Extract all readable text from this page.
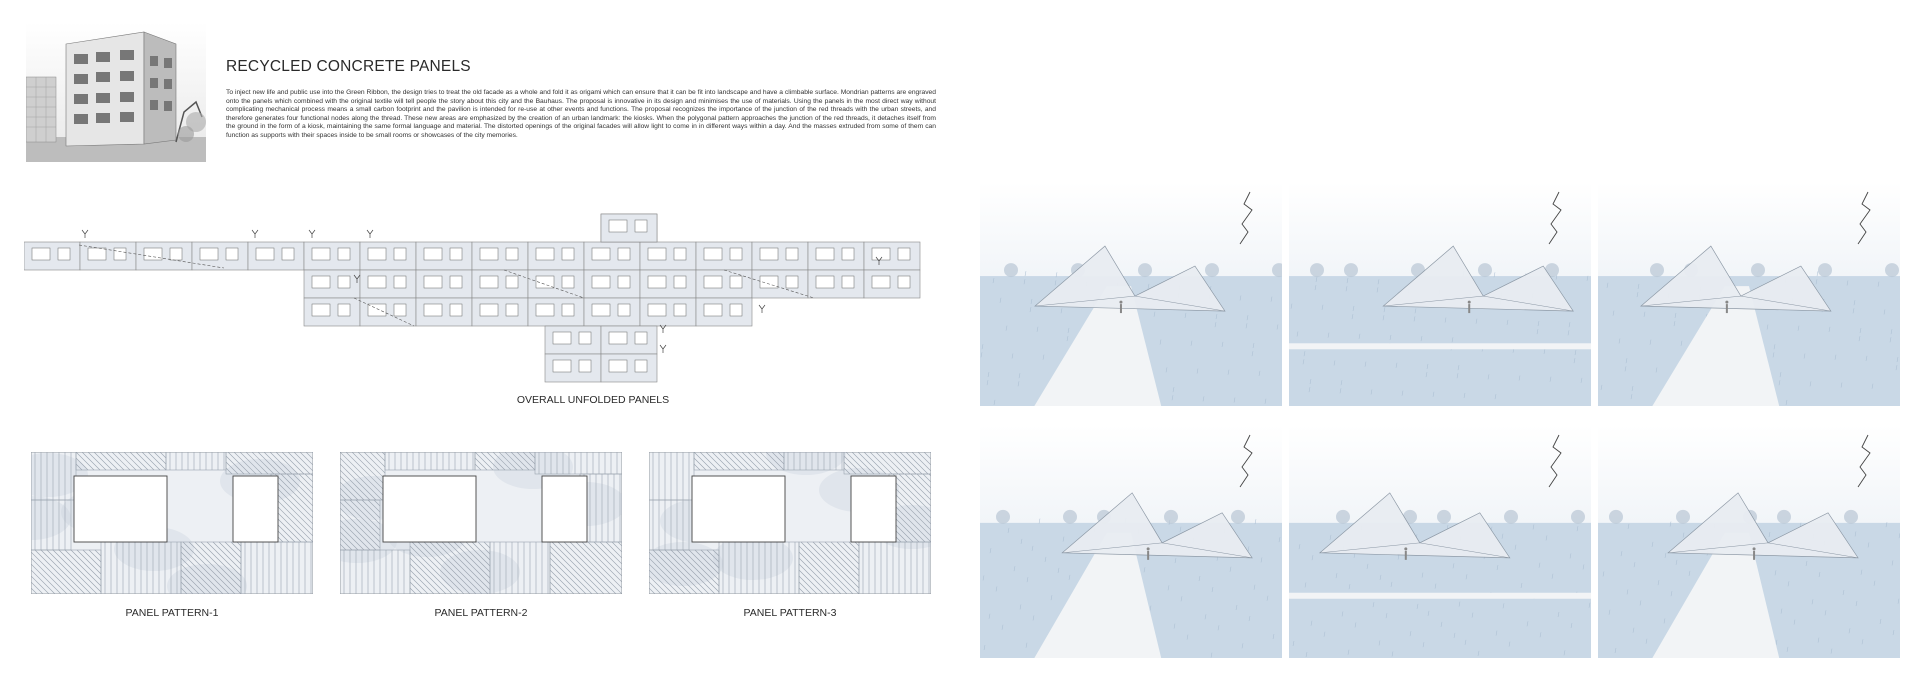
RECYCLED CONCRETE PANELS
To inject new life and public use into the Green Ribbon, the design tries to treat the old facade as a whole and fold it as origami which can ensure that it can be fit into landscape and have a climbable surface. Mondrian patterns are engraved onto the panels which combined with the original textile will tell people the story about this city and the Bauhaus. The proposal is innovative in its design and minimises the use of materials. Using the panels in the most direct way without complicating mechanical process means a small carbon footprint and the pavilion is intended for re-use at other events and functions. The proposal recognizes the importance of the junction of the red threads with the urban streets, and therefore generates four functional nodes along the thread. These new areas are emphasized by the creation of an urban landmark: the kiosks. When the polygonal pattern approaches the junction of the red threads, it detaches itself from the ground in the form of a kiosk, maintaining the same formal language and material. The distorted openings of the original facades will allow light to come in in different ways within a day. And the masses extruded from some of them can function as supports with their spaces inside to be small rooms or showcases of the city memories.
OVERALL UNFOLDED PANELS
PANEL PATTERN-1	PANEL PATTERN-2	PANEL PATTERN-3
